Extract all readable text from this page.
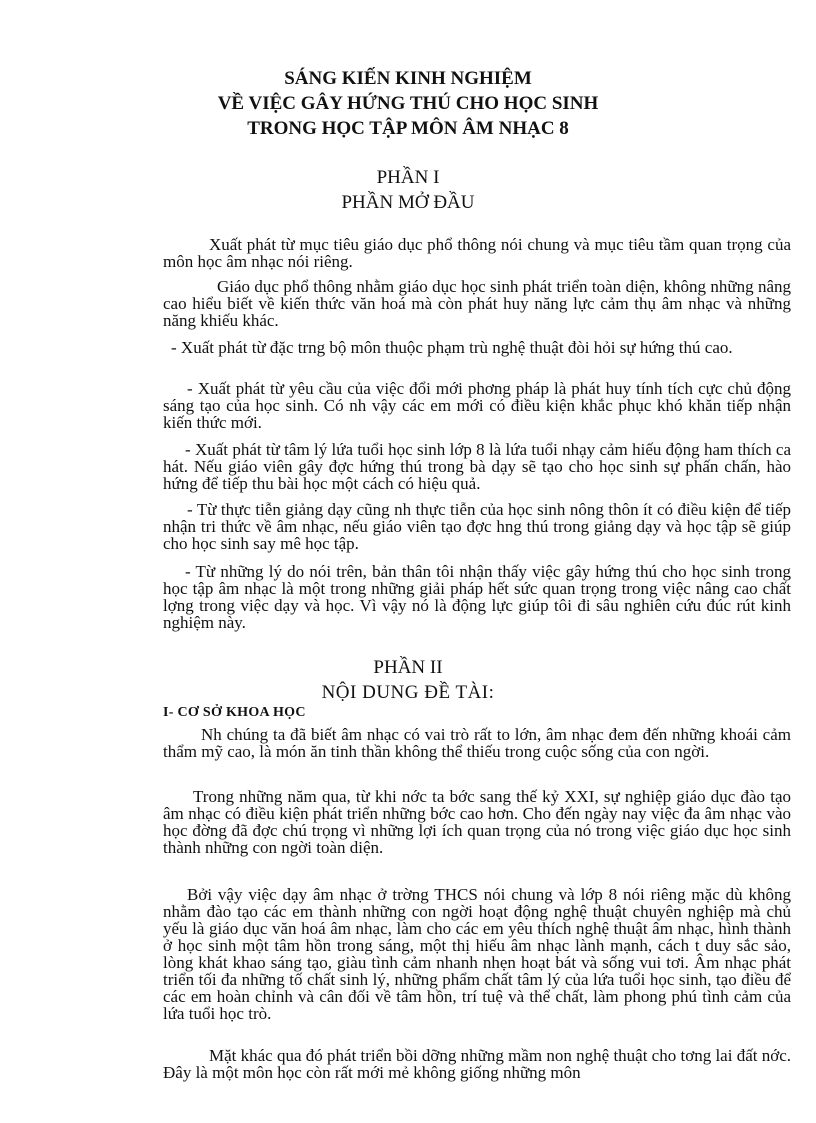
SÁNG KIẾN KINH NGHIỆM
VỀ VIỆC GÂY HỨNG THÚ CHO HỌC SINH
TRONG HỌC TẬP MÔN ÂM NHẠC 8
PHẦN I
PHẦN MỞ ĐẦU

Xuất phát từ mục tiêu giáo dục phổ thông nói chung và mục tiêu tầm quan trọng của môn học âm nhạc nói riêng.

Giáo dục phổ thông nhằm giáo dục học sinh phát triển toàn diện, không những nâng cao hiểu biết về kiến thức văn hoá mà còn phát huy năng lực cảm thụ âm nhạc và những năng khiếu khác.

- Xuất phát từ đặc trng bộ môn thuộc phạm trù nghệ thuật đòi hỏi sự hứng thú cao.

- Xuất phát từ yêu cầu của việc đổi mới phơng pháp là phát huy tính tích cực chủ động sáng tạo của học sinh. Có nh vậy các em mới có điều kiện khắc phục khó khăn tiếp nhận kiến thức mới.

- Xuất phát từ tâm lý lứa tuổi học sinh lớp 8 là lứa tuổi nhạy cảm hiếu động ham thích ca hát. Nếu giáo viên gây đợc hứng thú trong bà dạy sẽ tạo cho học sinh sự phấn chấn, hào hứng để tiếp thu bài học một cách có hiệu quả.

- Từ thực tiễn giảng dạy cũng nh thực tiễn của học sinh nông thôn ít có điều kiện để tiếp nhận tri thức về âm nhạc, nếu giáo viên tạo đợc hng thú trong giảng dạy và học tập sẽ giúp cho học sinh say mê học tập.

- Từ những lý do nói trên, bản thân tôi nhận thấy việc gây hứng thú cho học sinh trong học tập âm nhạc là một trong những giải pháp hết sức quan trọng trong việc nâng cao chất lợng trong việc dạy và học. Vì vậy nó là động lực giúp tôi đi sâu nghiên cứu đúc rút kinh nghiệm này.

PHẦN II
NỘI DUNG ĐỀ TÀI:
I- CƠ SỞ KHOA HỌC

Nh chúng ta đã biết âm nhạc có vai trò rất to lớn, âm nhạc đem đến những khoái cảm thẩm mỹ cao, là món ăn tinh thần không thể thiếu trong cuộc sống của con ngời.

Trong những năm qua, từ khi nớc ta bớc sang thế kỷ XXI, sự nghiệp giáo dục đào tạo âm nhạc có điều kiện phát triển những bớc cao hơn. Cho đến ngày nay việc đa âm nhạc vào học đờng đã đợc chú trọng vì những lợi ích quan trọng của nó trong việc giáo dục học sinh thành những con ngời toàn diện.

Bởi vậy việc dạy âm nhạc ở trờng THCS nói chung và lớp 8 nói riêng mặc dù không nhằm đào tạo các em thành những con ngời hoạt động nghệ thuật chuyên nghiệp mà chủ yếu là giáo dục văn hoá âm nhạc, làm cho các em yêu thích nghệ thuật âm nhạc, hình thành ở học sinh một tâm hồn trong sáng, một thị hiếu âm nhạc lành mạnh, cách t duy sắc sảo, lòng khát khao sáng tạo, giàu tình cảm nhanh nhẹn hoạt bát và sống vui tơi. Âm nhạc phát triển tối đa những tố chất sinh lý, những phẩm chất tâm lý của lứa tuổi học sinh, tạo điều để các em hoàn chỉnh và cân đối về tâm hồn, trí tuệ và thể chất, làm phong phú tình cảm của lứa tuổi học trò.

Mặt khác qua đó phát triển bồi dỡng những mầm non nghệ thuật cho tơng lai đất nớc. Đây là một môn học còn rất mới mẻ không giống những môn
